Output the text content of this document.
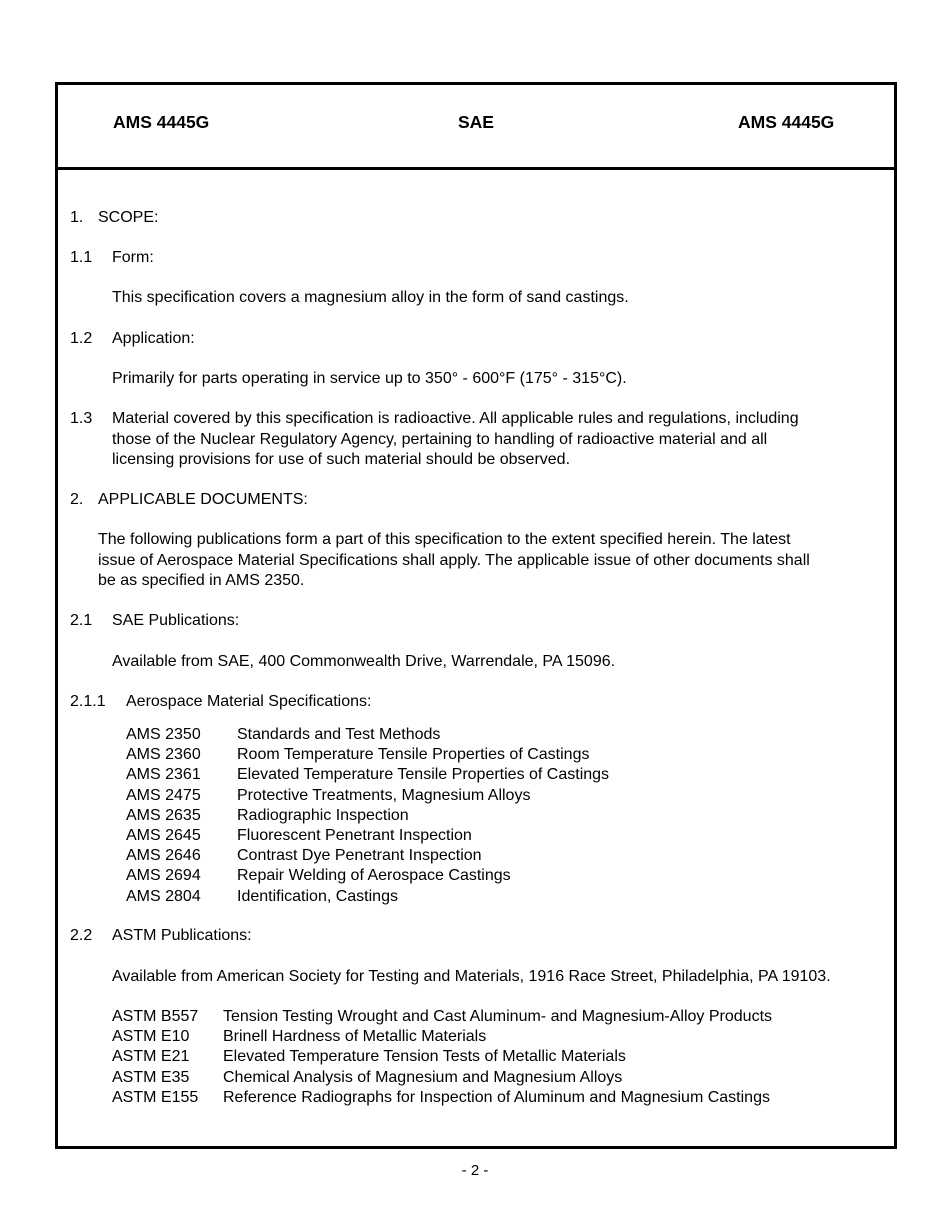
AMS 4445G	SAE	AMS 4445G
1. SCOPE:
1.1 Form:
This specification covers a magnesium alloy in the form of sand castings.
1.2 Application:
Primarily for parts operating in service up to 350° - 600°F (175° - 315°C).
1.3 Material covered by this specification is radioactive. All applicable rules and regulations, including
those of the Nuclear Regulatory Agency, pertaining to handling of radioactive material and all
licensing provisions for use of such material should be observed.
2. APPLICABLE DOCUMENTS:
The following publications form a part of this specification to the extent specified herein. The latest
issue of Aerospace Material Specifications shall apply. The applicable issue of other documents shall
be as specified in AMS 2350.
2.1 SAE Publications:
Available from SAE, 400 Commonwealth Drive, Warrendale, PA 15096.
2.1.1 Aerospace Material Specifications:
AMS 2350 Standards and Test Methods
AMS 2360 Room Temperature Tensile Properties of Castings
AMS 2361 Elevated Temperature Tensile Properties of Castings
AMS 2475 Protective Treatments, Magnesium Alloys
AMS 2635 Radiographic Inspection
AMS 2645 Fluorescent Penetrant Inspection
AMS 2646 Contrast Dye Penetrant Inspection
AMS 2694 Repair Welding of Aerospace Castings
AMS 2804 Identification, Castings
2.2 ASTM Publications:
Available from American Society for Testing and Materials, 1916 Race Street, Philadelphia, PA 19103.
ASTM B557 Tension Testing Wrought and Cast Aluminum- and Magnesium-Alloy Products
ASTM E10 Brinell Hardness of Metallic Materials
ASTM E21 Elevated Temperature Tension Tests of Metallic Materials
ASTM E35 Chemical Analysis of Magnesium and Magnesium Alloys
ASTM E155 Reference Radiographs for Inspection of Aluminum and Magnesium Castings
- 2 -
